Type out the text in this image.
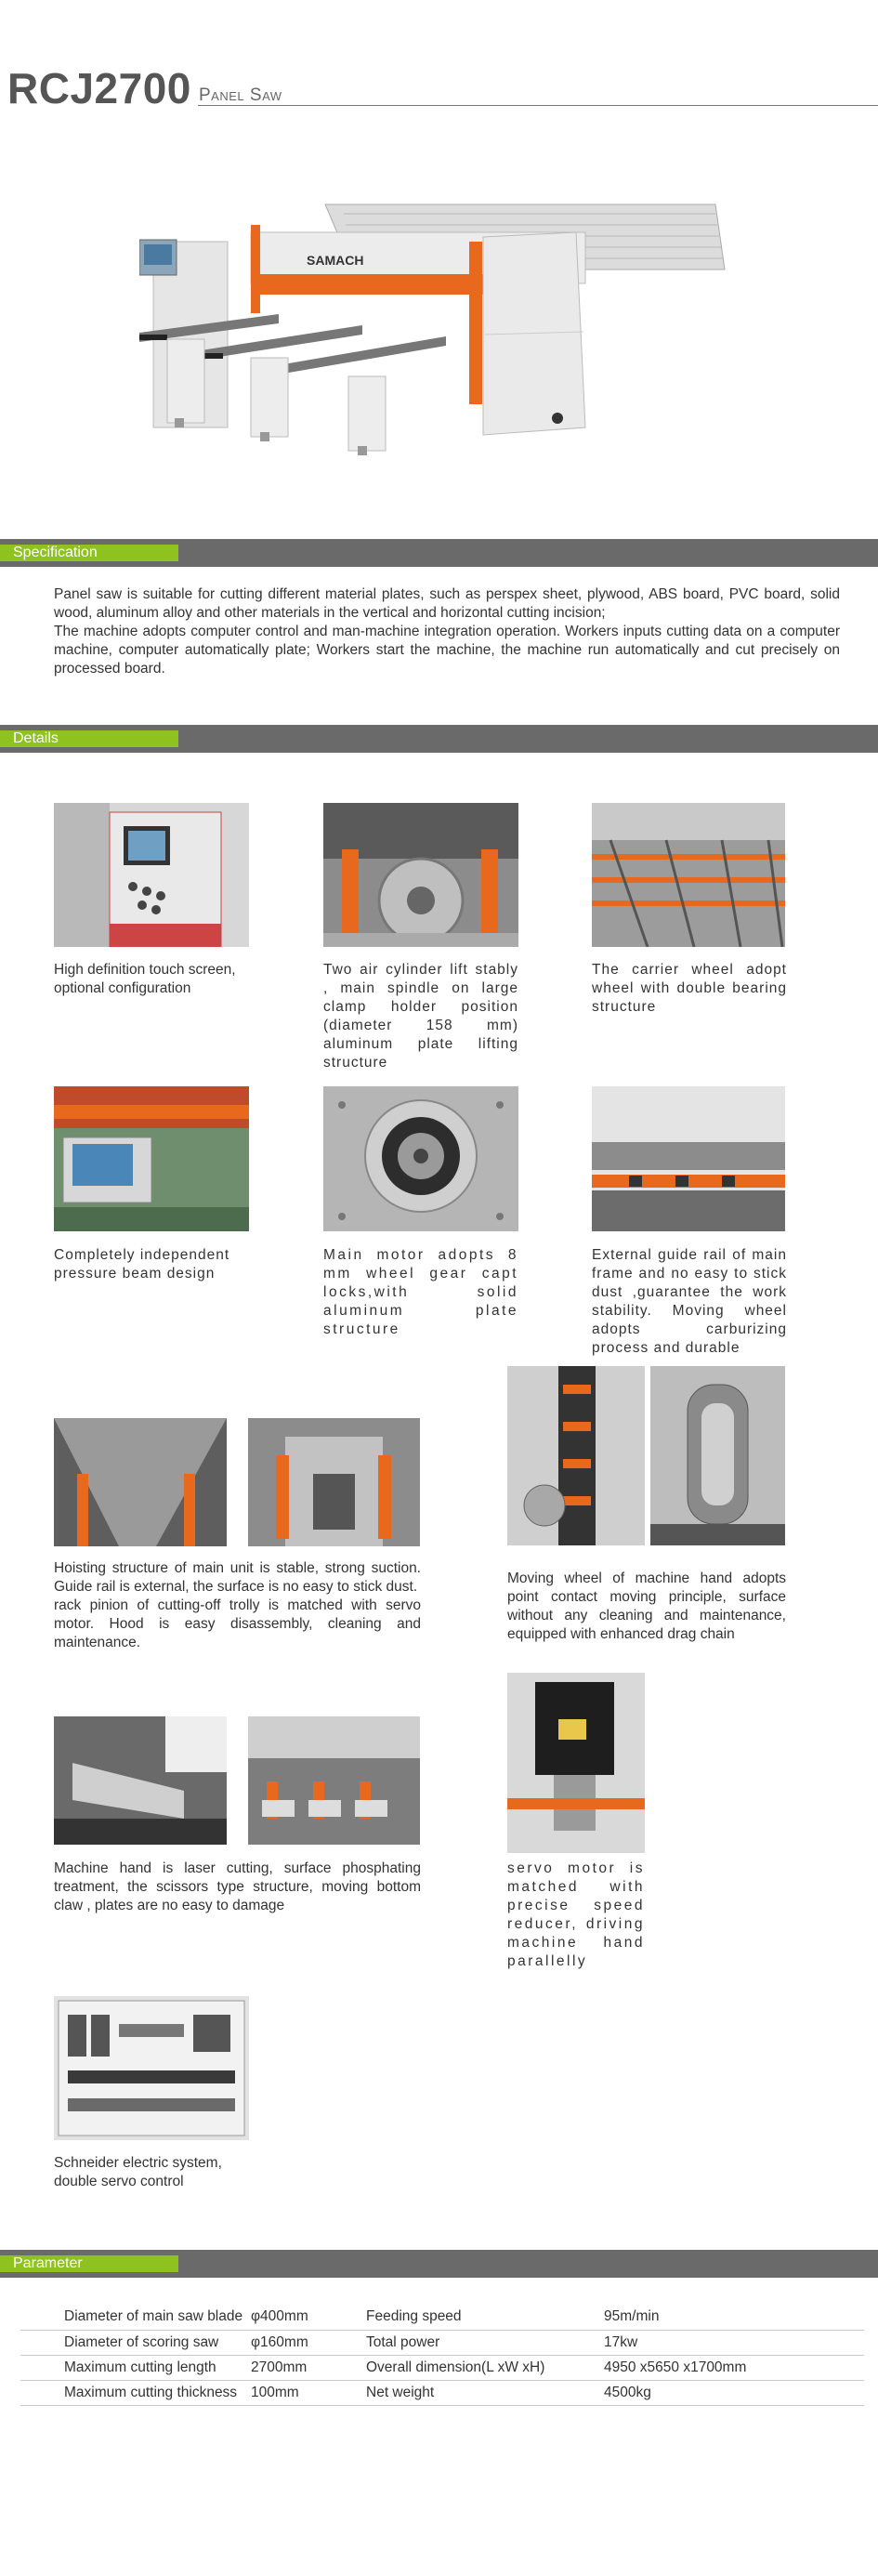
RCJ2700 Panel Saw
SAMACH
Specification

Panel saw is suitable for cutting different material plates, such as perspex sheet, plywood, ABS board, PVC board, solid wood, aluminum alloy and other materials in the vertical and horizontal cutting incision;

The machine adopts computer control and man-machine integration operation. Workers inputs cutting data on a computer machine, computer automatically plate; Workers start the machine, the machine run automatically and cut precisely on processed board.

Details
High definition touch screen, optional configuration
Two air cylinder lift stably , main spindle on large clamp holder position (diameter 158 mm) aluminum plate lifting structure
The carrier wheel adopt wheel with double bearing structure
Completely independent pressure beam design
Main motor adopts 8 mm wheel gear capt locks,with solid aluminum plate structure
External guide rail of main frame and no easy to stick dust ,guarantee the work stability. Moving wheel adopts carburizing process and durable

Hoisting structure of main unit is stable, strong suction. Guide rail is external, the surface is no easy to stick dust.

rack pinion of cutting-off trolly is matched with servo motor. Hood is easy disassembly, cleaning and maintenance.

Moving wheel of machine hand adopts point contact moving principle, surface without any cleaning and maintenance, equipped with enhanced drag chain
Machine hand is laser cutting, surface phosphating treatment, the scissors type structure, moving bottom claw , plates are no easy to damage
servo motor is matched with precise speed reducer, driving machine hand parallelly
Schneider electric system, double servo control
Parameter
Diameter of main saw blade	φ400mm	Feeding speed	95m/min
Diameter of scoring saw	φ160mm	Total power	17kw
Maximum cutting length	2700mm	Overall dimension(L xW xH)	4950 x5650 x1700mm
Maximum cutting thickness	100mm	Net weight	4500kg
